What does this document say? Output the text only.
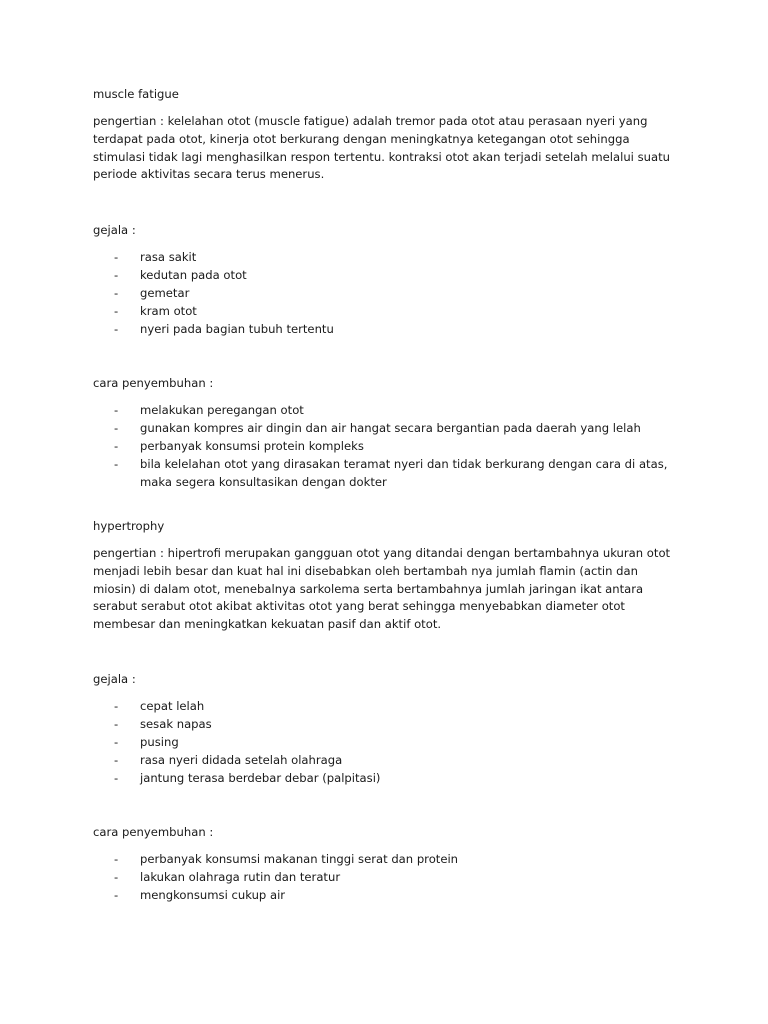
muscle fatigue

pengertian : kelelahan otot (muscle fatigue) adalah tremor pada otot atau perasaan nyeri yang
terdapat pada otot, kinerja otot berkurang dengan meningkatnya ketegangan otot sehingga
stimulasi tidak lagi menghasilkan respon tertentu. kontraksi otot akan terjadi setelah melalui suatu
periode aktivitas secara terus menerus.

gejala :

- rasa sakit
- kedutan pada otot
- gemetar
- kram otot
- nyeri pada bagian tubuh tertentu

cara penyembuhan :

- melakukan peregangan otot
- gunakan kompres air dingin dan air hangat secara bergantian pada daerah yang lelah
- perbanyak konsumsi protein kompleks
- bila kelelahan otot yang dirasakan teramat nyeri dan tidak berkurang dengan cara di atas,
maka segera konsultasikan dengan dokter

hypertrophy

pengertian : hipertrofi merupakan gangguan otot yang ditandai dengan bertambahnya ukuran otot
menjadi lebih besar dan kuat hal ini disebabkan oleh bertambah nya jumlah flamin (actin dan
miosin) di dalam otot, menebalnya sarkolema serta bertambahnya jumlah jaringan ikat antara
serabut serabut otot akibat aktivitas otot yang berat sehingga menyebabkan diameter otot
membesar dan meningkatkan kekuatan pasif dan aktif otot.

gejala :

- cepat lelah
- sesak napas
- pusing
- rasa nyeri didada setelah olahraga
- jantung terasa berdebar debar (palpitasi)

cara penyembuhan :

- perbanyak konsumsi makanan tinggi serat dan protein
- lakukan olahraga rutin dan teratur
- mengkonsumsi cukup air
